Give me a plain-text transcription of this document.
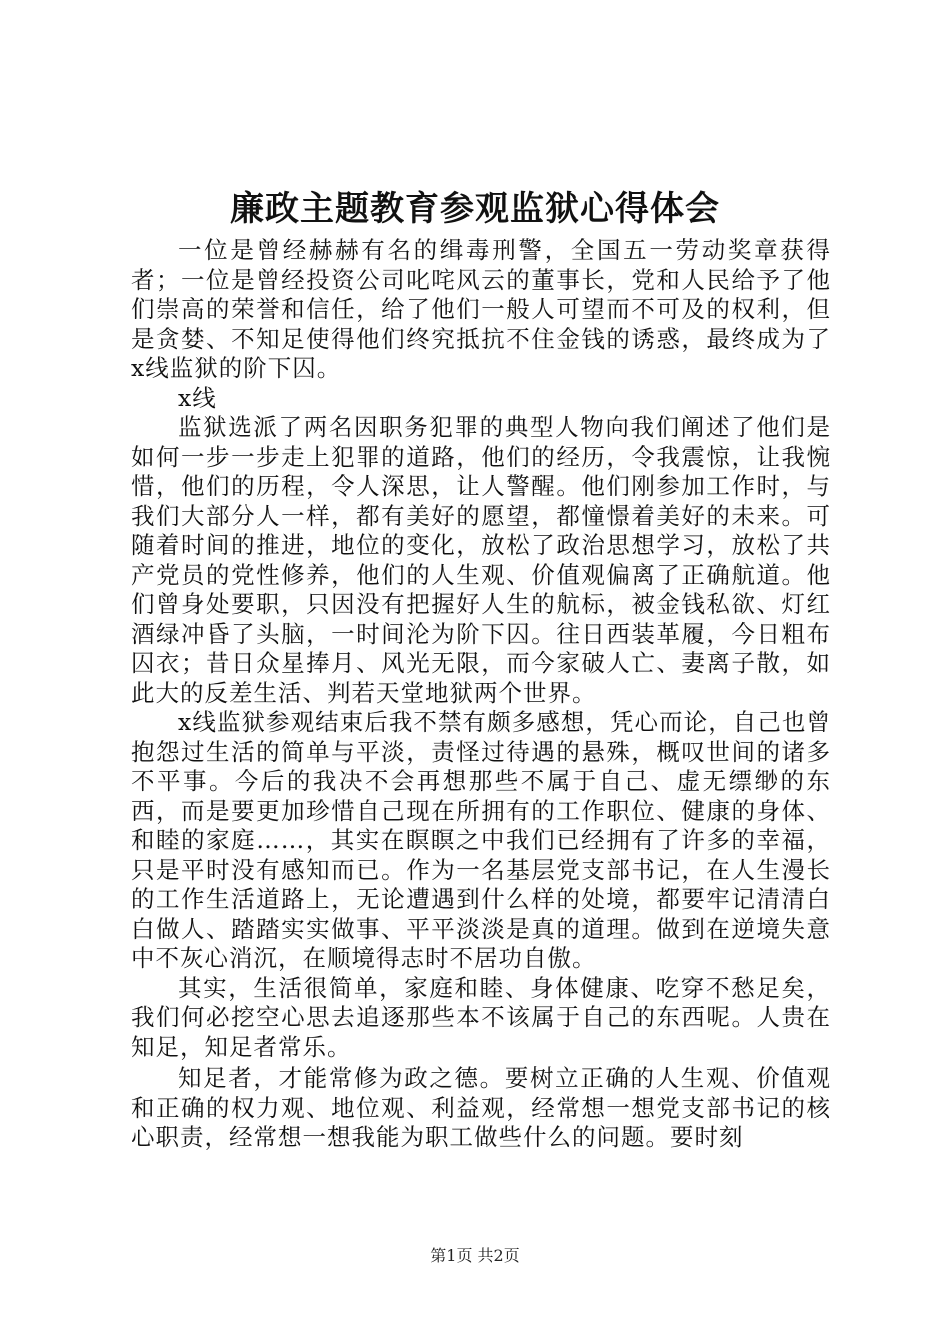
廉政主题教育参观监狱心得体会

一位是曾经赫赫有名的缉毒刑警，全国五一劳动奖章获得者；一位是曾经投资公司叱咤风云的董事长，党和人民给予了他们崇高的荣誉和信任，给了他们一般人可望而不可及的权利，但是贪婪、不知足使得他们终究抵抗不住金钱的诱惑，最终成为了x线监狱的阶下囚。

x线

监狱选派了两名因职务犯罪的典型人物向我们阐述了他们是如何一步一步走上犯罪的道路，他们的经历，令我震惊，让我惋惜，他们的历程，令人深思，让人警醒。他们刚参加工作时，与我们大部分人一样，都有美好的愿望，都憧憬着美好的未来。可随着时间的推进，地位的变化，放松了政治思想学习，放松了共产党员的党性修养，他们的人生观、价值观偏离了正确航道。他们曾身处要职，只因没有把握好人生的航标，被金钱私欲、灯红酒绿冲昏了头脑，一时间沦为阶下囚。往日西装革履，今日粗布囚衣；昔日众星捧月、风光无限，而今家破人亡、妻离子散，如此大的反差生活、判若天堂地狱两个世界。

x线监狱参观结束后我不禁有颇多感想，凭心而论，自己也曾抱怨过生活的简单与平淡，责怪过待遇的悬殊，概叹世间的诸多不平事。今后的我决不会再想那些不属于自己、虚无缥缈的东西，而是要更加珍惜自己现在所拥有的工作职位、健康的身体、和睦的家庭……，其实在瞑瞑之中我们已经拥有了许多的幸福，只是平时没有感知而已。作为一名基层党支部书记，在人生漫长的工作生活道路上，无论遭遇到什么样的处境，都要牢记清清白白做人、踏踏实实做事、平平淡淡是真的道理。做到在逆境失意中不灰心消沉，在顺境得志时不居功自傲。

其实，生活很简单，家庭和睦、身体健康、吃穿不愁足矣，我们何必挖空心思去追逐那些本不该属于自己的东西呢。人贵在知足，知足者常乐。

知足者，才能常修为政之德。要树立正确的人生观、价值观和正确的权力观、地位观、利益观，经常想一想党支部书记的核心职责，经常想一想我能为职工做些什么的问题。要时刻

第1页 共2页
